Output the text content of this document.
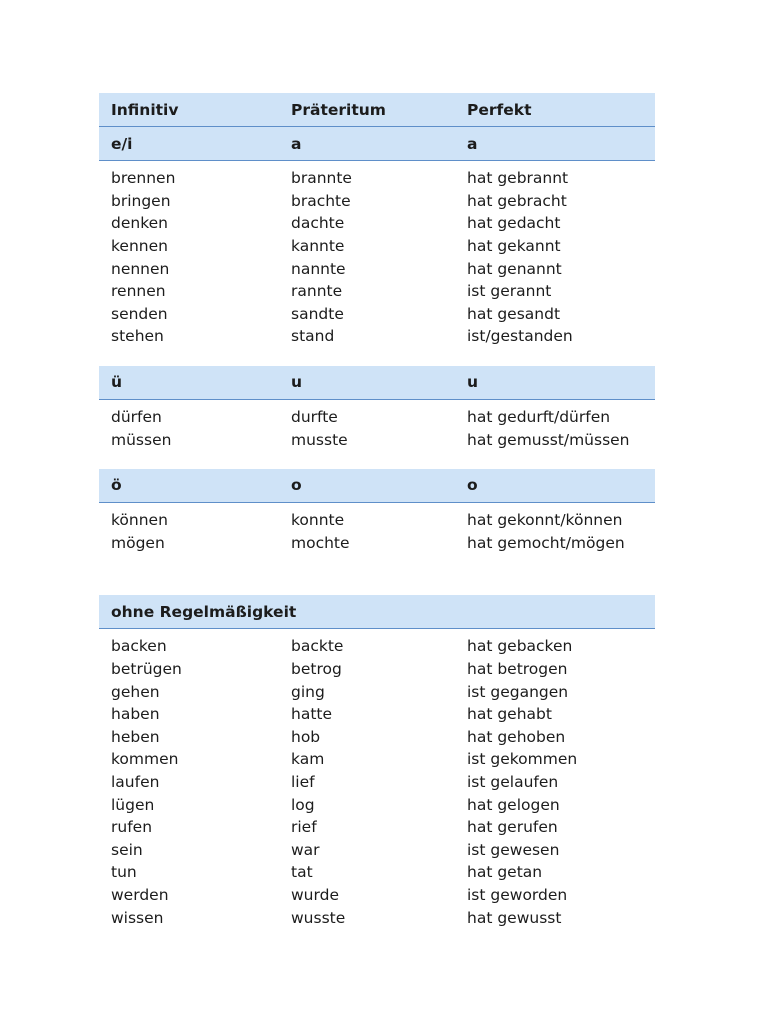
Infinitiv	Präteritum	Perfekt
e/i	a	a
brennen	brannte	hat gebrannt
bringen	brachte	hat gebracht
denken	dachte	hat gedacht
kennen	kannte	hat gekannt
nennen	nannte	hat genannt
rennen	rannte	ist gerannt
senden	sandte	hat gesandt
stehen	stand	ist/gestanden
ü	u	u
dürfen	durfte	hat gedurft/dürfen
müssen	musste	hat gemusst/müssen
ö	o	o
können	konnte	hat gekonnt/können
mögen	mochte	hat gemocht/mögen
ohne Regelmäßigkeit
backen	backte	hat gebacken
betrügen	betrog	hat betrogen
gehen	ging	ist gegangen
haben	hatte	hat gehabt
heben	hob	hat gehoben
kommen	kam	ist gekommen
laufen	lief	ist gelaufen
lügen	log	hat gelogen
rufen	rief	hat gerufen
sein	war	ist gewesen
tun	tat	hat getan
werden	wurde	ist geworden
wissen	wusste	hat gewusst
